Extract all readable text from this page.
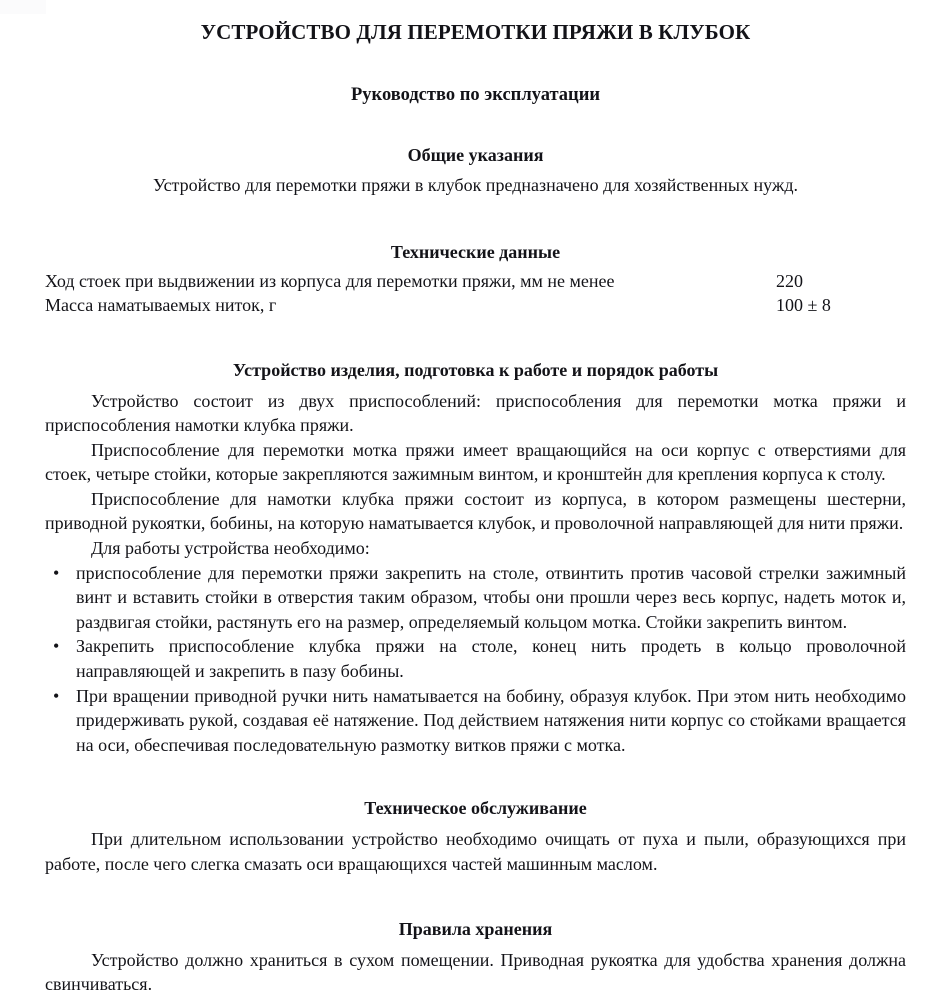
УСТРОЙСТВО ДЛЯ ПЕРЕМОТКИ ПРЯЖИ В КЛУБОК
Руководство по эксплуатации
Общие указания

Устройство для перемотки пряжи в клубок предназначено для хозяйственных нужд.

Технические данные
Ход стоек при выдвижении из корпуса для перемотки пряжи, мм не менее	220
Масса наматываемых ниток, г	100 ± 8
Устройство изделия, подготовка к работе и порядок работы

Устройство состоит из двух приспособлений: приспособления для перемотки мотка пряжи и приспособления намотки клубка пряжи.

Приспособление для перемотки мотка пряжи имеет вращающийся на оси корпус с отверстиями для стоек, четыре стойки, которые закрепляются зажимным винтом, и кронштейн для крепления корпуса к столу.

Приспособление для намотки клубка пряжи состоит из корпуса, в котором размещены шестерни, приводной рукоятки, бобины, на которую наматывается клубок, и проволочной направляющей для нити пряжи.

Для работы устройства необходимо:

• приспособление для перемотки пряжи закрепить на столе, отвинтить против часовой стрелки зажимный винт и вставить стойки в отверстия таким образом, чтобы они прошли через весь корпус, надеть моток и, раздвигая стойки, растянуть его на размер, определяемый кольцом мотка. Стойки закрепить винтом.
• Закрепить приспособление клубка пряжи на столе, конец нить продеть в кольцо проволочной направляющей и закрепить в пазу бобины.
• При вращении приводной ручки нить наматывается на бобину, образуя клубок. При этом нить необходимо придерживать рукой, создавая её натяжение. Под действием натяжения нити корпус со стойками вращается на оси, обеспечивая последовательную размотку витков пряжи с мотка.
Техническое обслуживание

При длительном использовании устройство необходимо очищать от пуха и пыли, образующихся при работе, после чего слегка смазать оси вращающихся частей машинным маслом.

Правила хранения

Устройство должно храниться в сухом помещении. Приводная рукоятка для удобства хранения должна свинчиваться.
